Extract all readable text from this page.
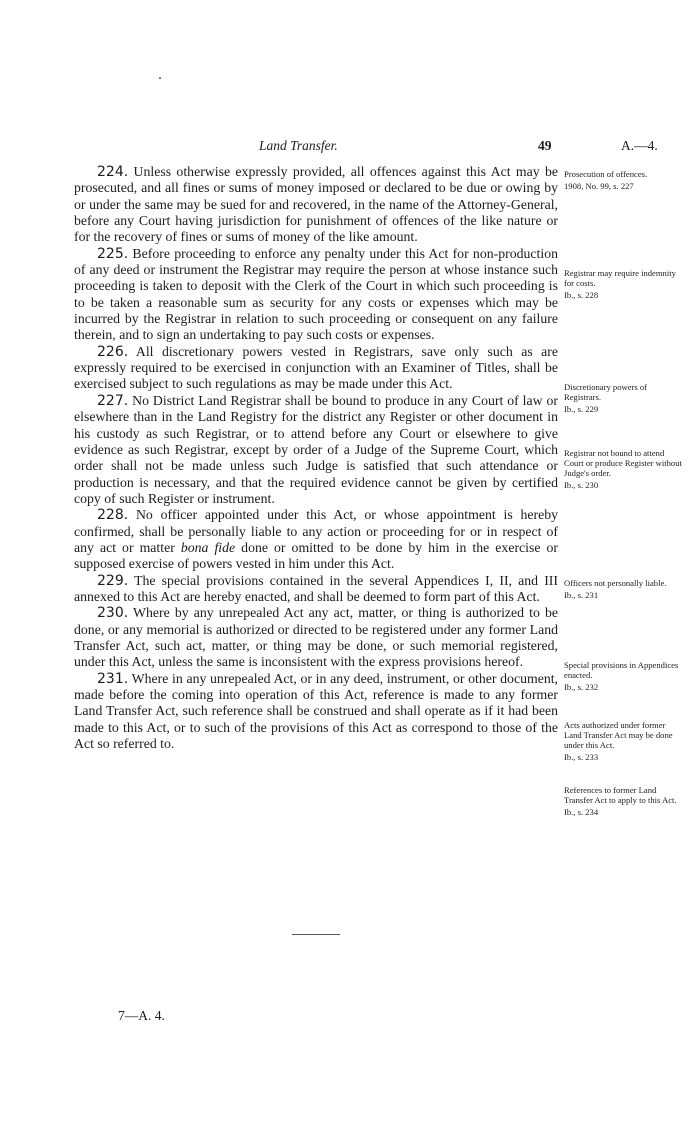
Land Transfer.	49	A.—4.

224. Unless otherwise expressly provided, all offences against this Act may be prosecuted, and all fines or sums of money imposed or declared to be due or owing by or under the same may be sued for and recovered, in the name of the Attorney-General, before any Court having jurisdiction for punishment of offences of the like nature or for the recovery of fines or sums of money of the like amount.

225. Before proceeding to enforce any penalty under this Act for non-production of any deed or instrument the Registrar may require the person at whose instance such proceeding is taken to deposit with the Clerk of the Court in which such proceeding is to be taken a reasonable sum as security for any costs or expenses which may be incurred by the Registrar in relation to such proceeding or consequent on any failure therein, and to sign an undertaking to pay such costs or expenses.

226. All discretionary powers vested in Registrars, save only such as are expressly required to be exercised in conjunction with an Examiner of Titles, shall be exercised subject to such regulations as may be made under this Act.

227. No District Land Registrar shall be bound to produce in any Court of law or elsewhere than in the Land Registry for the district any Register or other document in his custody as such Registrar, or to attend before any Court or elsewhere to give evidence as such Registrar, except by order of a Judge of the Supreme Court, which order shall not be made unless such Judge is satisfied that such attendance or production is necessary, and that the required evidence cannot be given by certified copy of such Register or instrument.

228. No officer appointed under this Act, or whose appointment is hereby confirmed, shall be personally liable to any action or proceeding for or in respect of any act or matter bona fide done or omitted to be done by him in the exercise or supposed exercise of powers vested in him under this Act.

229. The special provisions contained in the several Appendices I, II, and III annexed to this Act are hereby enacted, and shall be deemed to form part of this Act.

230. Where by any unrepealed Act any act, matter, or thing is authorized to be done, or any memorial is authorized or directed to be registered under any former Land Transfer Act, such act, matter, or thing may be done, or such memorial registered, under this Act, unless the same is inconsistent with the express provisions hereof.

231. Where in any unrepealed Act, or in any deed, instrument, or other document, made before the coming into operation of this Act, reference is made to any former Land Transfer Act, such reference shall be construed and shall operate as if it had been made to this Act, or to such of the provisions of this Act as correspond to those of the Act so referred to.

Prosecution of offences.
1908, No. 99, s. 227
Registrar may require indemnity for costs.
Ib., s. 228
Discretionary powers of Registrars.
Ib., s. 229
Registrar not bound to attend Court or produce Register without Judge's order.
Ib., s. 230
Officers not personally liable.
Ib., s. 231
Special provisions in Appendices enacted.
Ib., s. 232
Acts authorized under former Land Transfer Act may be done under this Act.
Ib., s. 233
References to former Land Transfer Act to apply to this Act.
Ib., s. 234
7—A. 4.
